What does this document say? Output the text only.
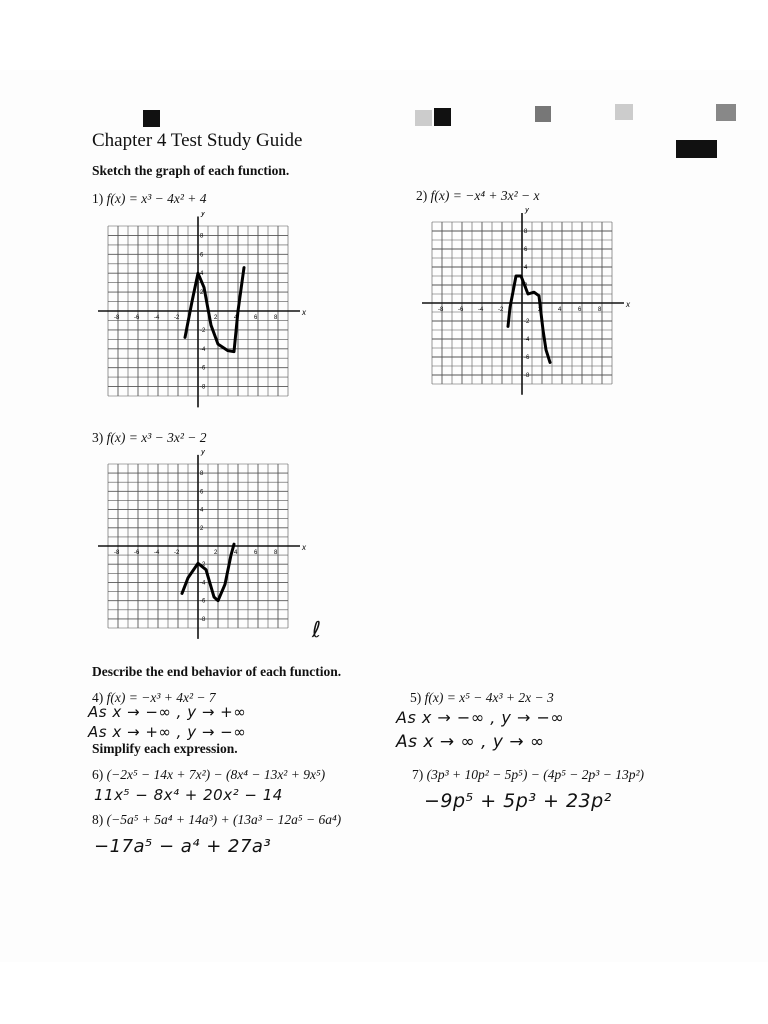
Chapter 4 Test Study Guide
Sketch the graph of each function.
1) f(x) = x³ − 4x² + 4	2) f(x) = −x⁴ + 3x² − x
3) f(x) = x³ − 3x² − 2
x
y
-8 -6 -4 -2	2	4	6	8
8
6
4
2
-2
-4
-6
-8
x
y
-8 -6 -4 -2	2	4	6	8
8
6
4
2
-2
-4
-6
-8
x
y
-8 -6 -4 -2	2	4	6	8
8
6
4
2
-2
-4
-6
-8	ℓ
Describe the end behavior of each function.
4) f(x) = −x³ + 4x² − 7
As x → −∞ , y → +∞
As x → +∞ , y → −∞
5) f(x) = x⁵ − 4x³ + 2x − 3
As x → −∞ , y → −∞
As x → ∞ , y → ∞
Simplify each expression.
6) (−2x⁵ − 14x + 7x²) − (8x⁴ − 13x² + 9x⁵)
11x⁵ − 8x⁴ + 20x² − 14
7) (3p³ + 10p² − 5p⁵) − (4p⁵ − 2p³ − 13p²)
−9p⁵ + 5p³ + 23p²
8) (−5a⁵ + 5a⁴ + 14a³) + (13a³ − 12a⁵ − 6a⁴)
−17a⁵ − a⁴ + 27a³
